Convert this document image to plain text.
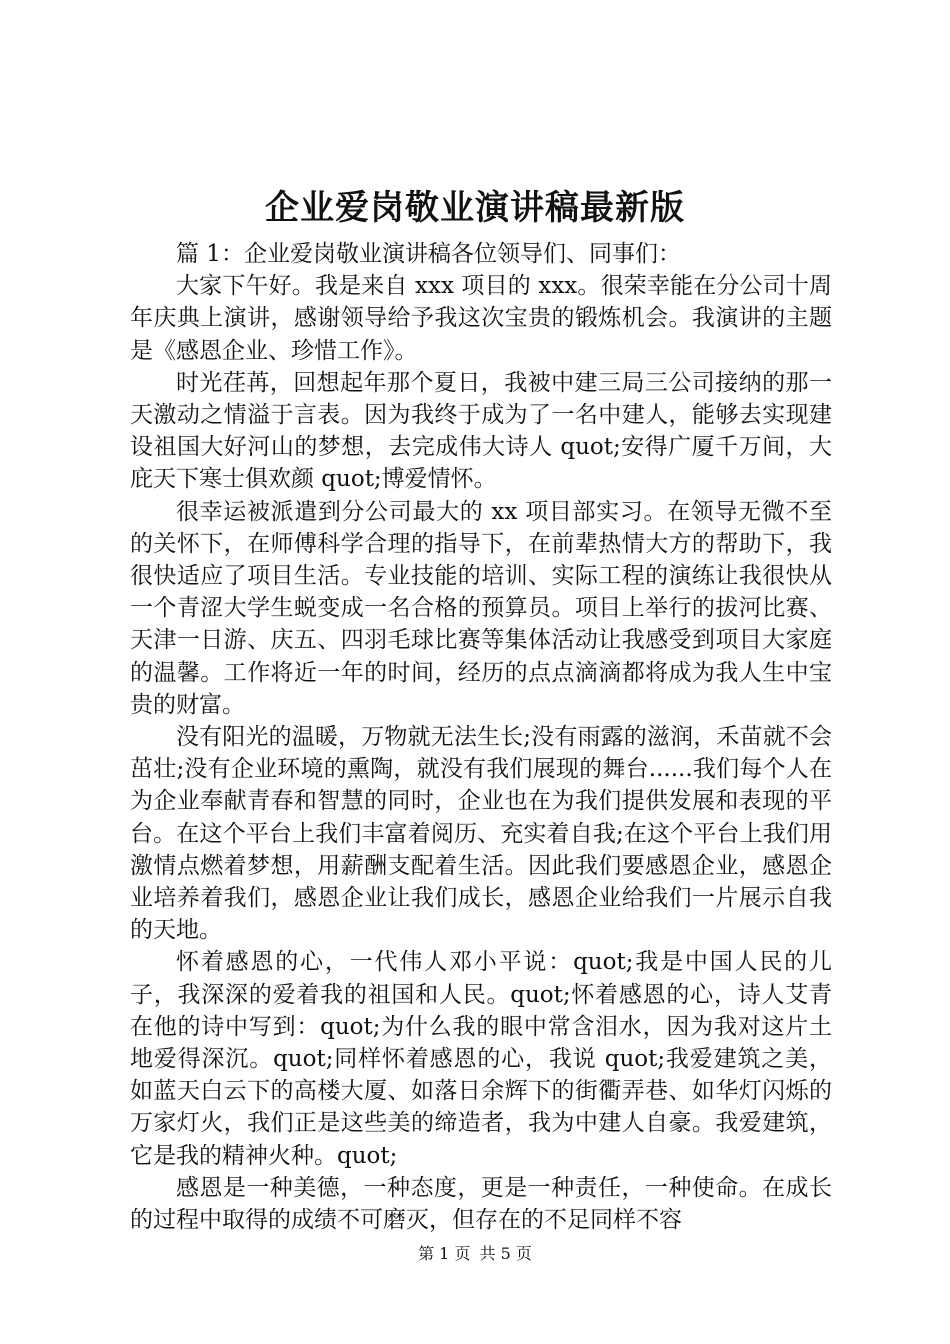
企业爱岗敬业演讲稿最新版

篇 1：企业爱岗敬业演讲稿各位领导们、同事们：

大家下午好。我是来自 xxx 项目的 xxx。很荣幸能在分公司十周年庆典上演讲，感谢领导给予我这次宝贵的锻炼机会。我演讲的主题是《感恩企业、珍惜工作》。

时光荏苒，回想起年那个夏日，我被中建三局三公司接纳的那一天激动之情溢于言表。因为我终于成为了一名中建人，能够去实现建设祖国大好河山的梦想，去完成伟大诗人 quot;安得广厦千万间，大庇天下寒士俱欢颜 quot;博爱情怀。

很幸运被派遣到分公司最大的 xx 项目部实习。在领导无微不至的关怀下，在师傅科学合理的指导下，在前辈热情大方的帮助下，我很快适应了项目生活。专业技能的培训、实际工程的演练让我很快从一个青涩大学生蜕变成一名合格的预算员。项目上举行的拔河比赛、天津一日游、庆五、四羽毛球比赛等集体活动让我感受到项目大家庭的温馨。工作将近一年的时间，经历的点点滴滴都将成为我人生中宝贵的财富。

没有阳光的温暖，万物就无法生长;没有雨露的滋润，禾苗就不会茁壮;没有企业环境的熏陶，就没有我们展现的舞台......我们每个人在为企业奉献青春和智慧的同时，企业也在为我们提供发展和表现的平台。在这个平台上我们丰富着阅历、充实着自我;在这个平台上我们用激情点燃着梦想，用薪酬支配着生活。因此我们要感恩企业，感恩企业培养着我们，感恩企业让我们成长，感恩企业给我们一片展示自我的天地。

怀着感恩的心，一代伟人邓小平说：quot;我是中国人民的儿子，我深深的爱着我的祖国和人民。quot;怀着感恩的心，诗人艾青在他的诗中写到：quot;为什么我的眼中常含泪水，因为我对这片土地爱得深沉。quot;同样怀着感恩的心，我说 quot;我爱建筑之美，如蓝天白云下的高楼大厦、如落日余辉下的街衢弄巷、如华灯闪烁的万家灯火，我们正是这些美的缔造者，我为中建人自豪。我爱建筑，它是我的精神火种。quot;

感恩是一种美德，一种态度，更是一种责任，一种使命。在成长的过程中取得的成绩不可磨灭，但存在的不足同样不容

第 1 页 共 5 页
